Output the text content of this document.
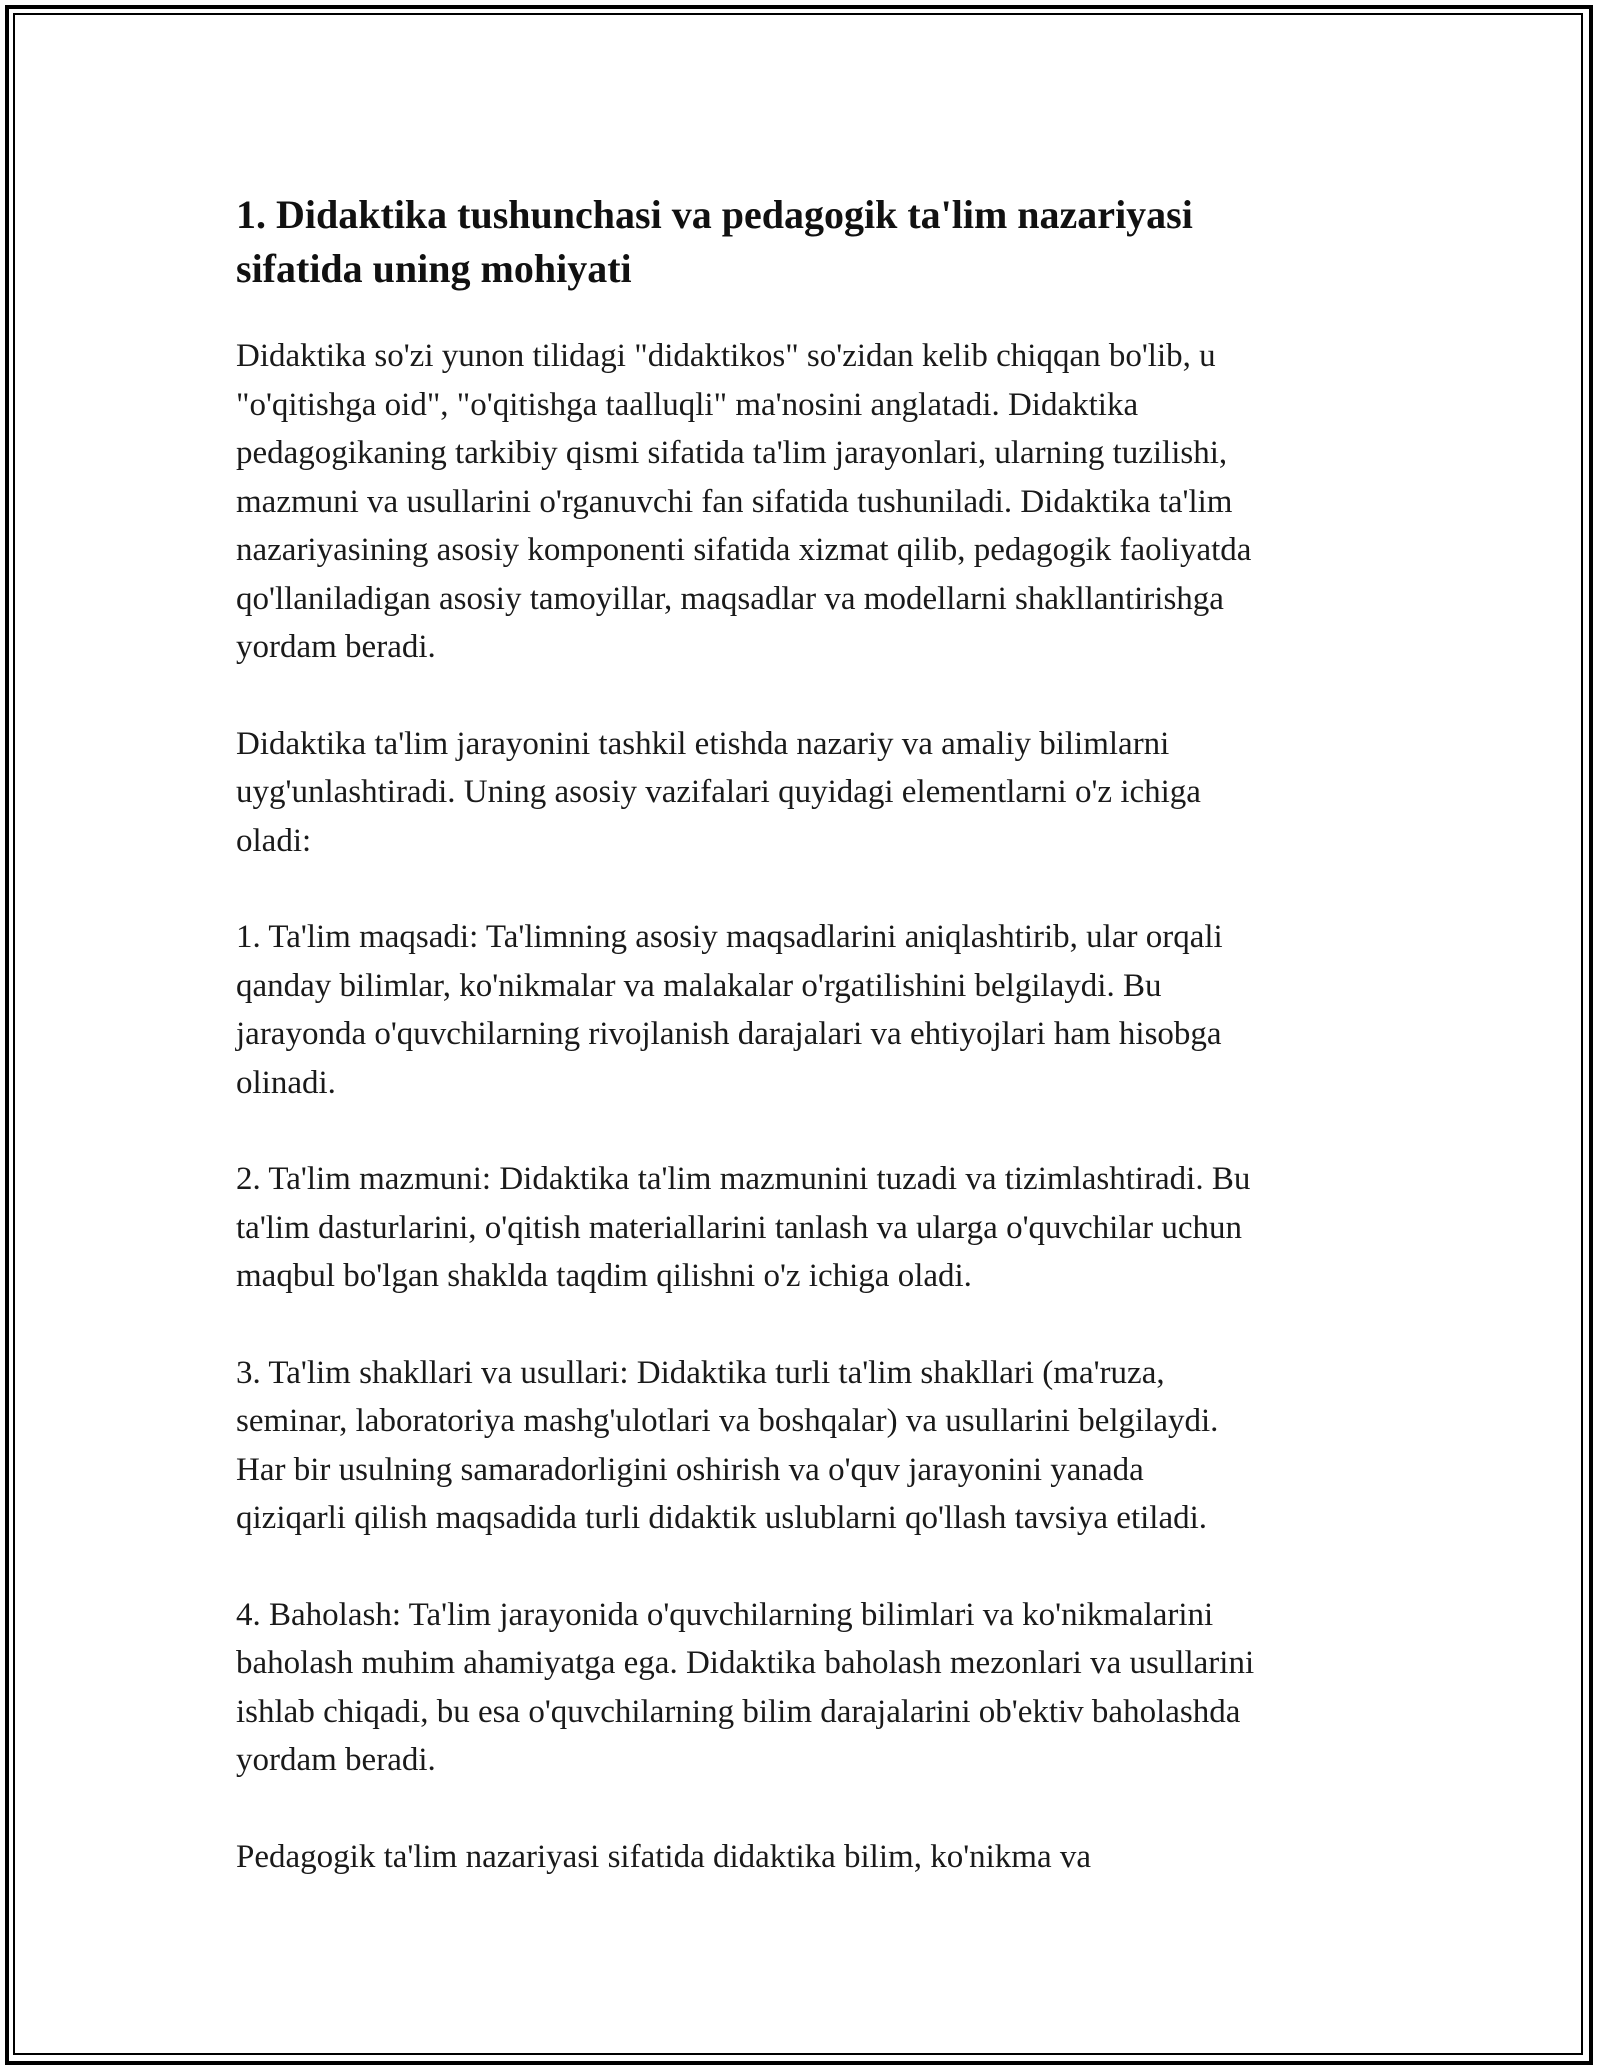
1. Didaktika tushunchasi va pedagogik ta'lim nazariyasi
sifatida uning mohiyati

Didaktika so'zi yunon tilidagi "didaktikos" so'zidan kelib chiqqan bo'lib, u
"o'qitishga oid", "o'qitishga taalluqli" ma'nosini anglatadi. Didaktika
pedagogikaning tarkibiy qismi sifatida ta'lim jarayonlari, ularning tuzilishi,
mazmuni va usullarini o'rganuvchi fan sifatida tushuniladi. Didaktika ta'lim
nazariyasining asosiy komponenti sifatida xizmat qilib, pedagogik faoliyatda
qo'llaniladigan asosiy tamoyillar, maqsadlar va modellarni shakllantirishga
yordam beradi.

Didaktika ta'lim jarayonini tashkil etishda nazariy va amaliy bilimlarni
uyg'unlashtiradi. Uning asosiy vazifalari quyidagi elementlarni o'z ichiga
oladi:

1. Ta'lim maqsadi: Ta'limning asosiy maqsadlarini aniqlashtirib, ular orqali
qanday bilimlar, ko'nikmalar va malakalar o'rgatilishini belgilaydi. Bu
jarayonda o'quvchilarning rivojlanish darajalari va ehtiyojlari ham hisobga
olinadi.

2. Ta'lim mazmuni: Didaktika ta'lim mazmunini tuzadi va tizimlashtiradi. Bu
ta'lim dasturlarini, o'qitish materiallarini tanlash va ularga o'quvchilar uchun
maqbul bo'lgan shaklda taqdim qilishni o'z ichiga oladi.

3. Ta'lim shakllari va usullari: Didaktika turli ta'lim shakllari (ma'ruza,
seminar, laboratoriya mashg'ulotlari va boshqalar) va usullarini belgilaydi.
Har bir usulning samaradorligini oshirish va o'quv jarayonini yanada
qiziqarli qilish maqsadida turli didaktik uslublarni qo'llash tavsiya etiladi.

4. Baholash: Ta'lim jarayonida o'quvchilarning bilimlari va ko'nikmalarini
baholash muhim ahamiyatga ega. Didaktika baholash mezonlari va usullarini
ishlab chiqadi, bu esa o'quvchilarning bilim darajalarini ob'ektiv baholashda
yordam beradi.

Pedagogik ta'lim nazariyasi sifatida didaktika bilim, ko'nikma va
